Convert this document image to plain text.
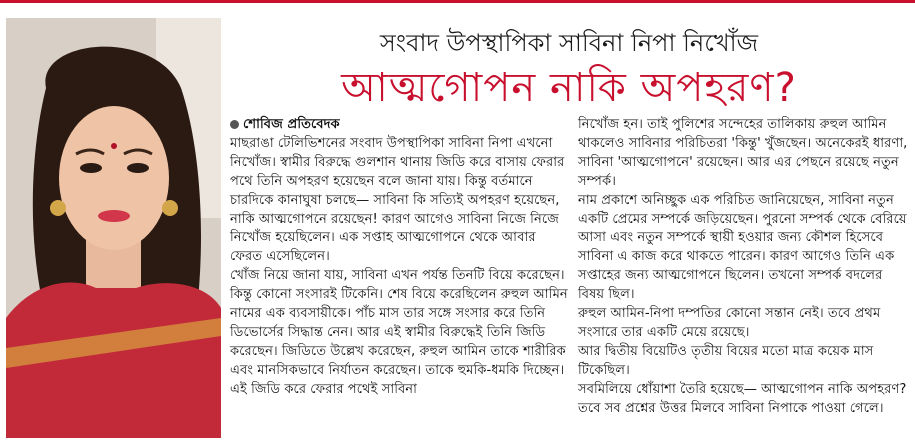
সংবাদ উপস্থাপিকা সাবিনা নিপা নিখোঁজ
আত্মগোপন নাকি অপহরণ?

শোবিজ প্রতিবেদক

মাছরাঙা টেলিভিশনের সংবাদ উপস্থাপিকা সাবিনা নিপা এখনো নিখোঁজ। স্বামীর বিরুদ্ধে গুলশান থানায় জিডি করে বাসায় ফেরার পথে তিনি অপহরণ হয়েছেন বলে জানা যায়। কিন্তু বর্তমানে চারদিকে কানাঘুষা চলছে— সাবিনা কি সত্যিই অপহরণ হয়েছেন, নাকি আত্মগোপনে রয়েছেন! কারণ আগেও সাবিনা নিজে নিজে নিখোঁজ হয়েছিলেন। এক সপ্তাহ আত্মগোপনে থেকে আবার ফেরত এসেছিলেন।

খোঁজ নিয়ে জানা যায়, সাবিনা এখন পর্যন্ত তিনটি বিয়ে করেছেন। কিন্তু কোনো সংসারই টিকেনি। শেষ বিয়ে করেছিলেন রুহুল আমিন নামের এক ব্যবসায়ীকে। পাঁচ মাস তার সঙ্গে সংসার করে তিনি ডিভোর্সের সিদ্ধান্ত নেন। আর এই স্বামীর বিরুদ্ধেই তিনি জিডি করেছেন। জিডিতে উল্লেখ করেছেন, রুহুল আমিন তাকে শারীরিক এবং মানসিকভাবে নির্যাতন করেছেন। তাকে হুমকি-ধমকি দিচ্ছেন। এই জিডি করে ফেরার পথেই সাবিনা

নিখোঁজ হন। তাই পুলিশের সন্দেহের তালিকায় রুহুল আমিন থাকলেও সাবিনার পরিচিতরা 'কিন্তু' খুঁজছেন। অনেকেরই ধারণা, সাবিনা 'আত্মগোপনে' রয়েছেন। আর এর পেছনে রয়েছে নতুন সম্পর্ক।

নাম প্রকাশে অনিচ্ছুক এক পরিচিত জানিয়েছেন, সাবিনা নতুন একটি প্রেমের সম্পর্কে জড়িয়েছেন। পুরনো সম্পর্ক থেকে বেরিয়ে আসা এবং নতুন সম্পর্কে স্থায়ী হওয়ার জন্য কৌশল হিসেবে সাবিনা এ কাজ করে থাকতে পারেন। কারণ আগেও তিনি এক সপ্তাহের জন্য আত্মগোপনে ছিলেন। তখনো সম্পর্ক বদলের বিষয় ছিল।

রুহুল আমিন-নিপা দম্পতির কোনো সন্তান নেই। তবে প্রথম সংসারে তার একটি মেয়ে রয়েছে।

আর দ্বিতীয় বিয়েটিও তৃতীয় বিয়ের মতো মাত্র কয়েক মাস টিকেছিল।

সবমিলিয়ে ধোঁয়াশা তৈরি হয়েছে— আত্মগোপন নাকি অপহরণ? তবে সব প্রশ্নের উত্তর মিলবে সাবিনা নিপাকে পাওয়া গেলে।
